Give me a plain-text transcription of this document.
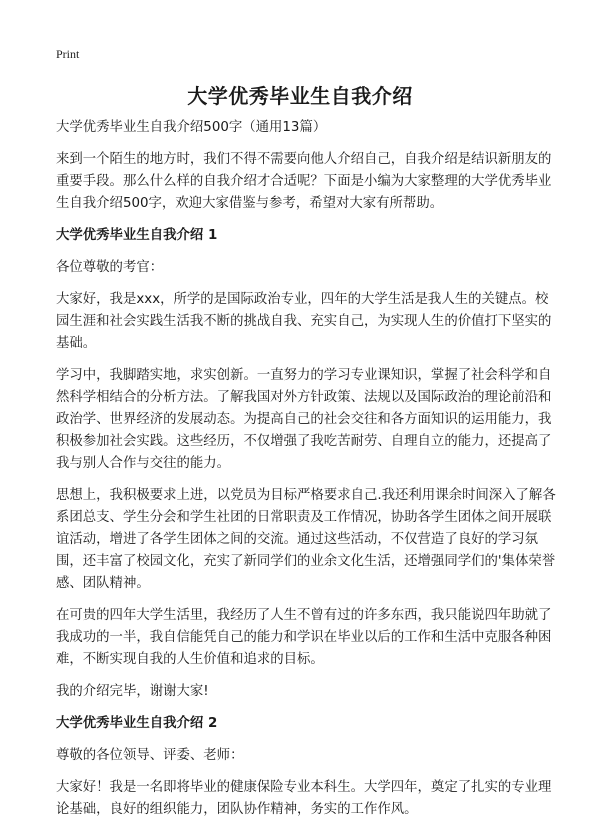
Print
大学优秀毕业生自我介绍

大学优秀毕业生自我介绍500字（通用13篇）

来到一个陌生的地方时，我们不得不需要向他人介绍自己，自我介绍是结识新朋友的重要手段。那么什么样的自我介绍才合适呢？下面是小编为大家整理的大学优秀毕业生自我介绍500字，欢迎大家借鉴与参考，希望对大家有所帮助。

大学优秀毕业生自我介绍 1

各位尊敬的考官：

大家好，我是xxx，所学的是国际政治专业，四年的大学生活是我人生的关键点。校园生涯和社会实践生活我不断的挑战自我、充实自己，为实现人生的价值打下坚实的基础。

学习中，我脚踏实地，求实创新。一直努力的学习专业课知识，掌握了社会科学和自然科学相结合的分析方法。了解我国对外方针政策、法规以及国际政治的理论前沿和政治学、世界经济的发展动态。为提高自己的社会交往和各方面知识的运用能力，我积极参加社会实践。这些经历，不仅增强了我吃苦耐劳、自理自立的能力，还提高了我与别人合作与交往的能力。

思想上，我积极要求上进，以党员为目标严格要求自己.我还利用课余时间深入了解各系团总支、学生分会和学生社团的日常职责及工作情况，协助各学生团体之间开展联谊活动，增进了各学生团体之间的交流。通过这些活动，不仅营造了良好的学习氛围，还丰富了校园文化，充实了新同学们的业余文化生活，还增强同学们的'集体荣誉感、团队精神。

在可贵的四年大学生活里，我经历了人生不曾有过的许多东西，我只能说四年助就了我成功的一半，我自信能凭自己的能力和学识在毕业以后的工作和生活中克服各种困难，不断实现自我的人生价值和追求的目标。

我的介绍完毕，谢谢大家!

大学优秀毕业生自我介绍 2

尊敬的各位领导、评委、老师：

大家好！我是一名即将毕业的健康保险专业本科生。大学四年，奠定了扎实的专业理论基础，良好的组织能力，团队协作精神，务实的工作作风。
